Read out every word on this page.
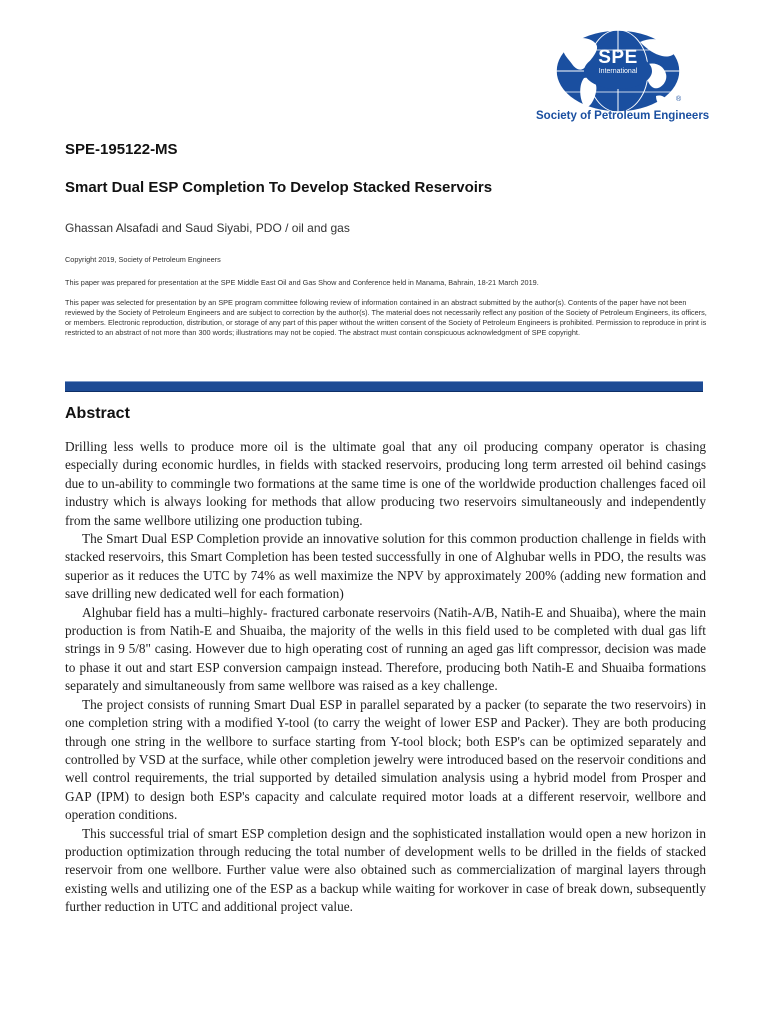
SPE
International
®
Society of Petroleum Engineers
SPE-195122-MS
Smart Dual ESP Completion To Develop Stacked Reservoirs
Ghassan Alsafadi and Saud Siyabi, PDO / oil and gas
Copyright 2019, Society of Petroleum Engineers
This paper was prepared for presentation at the SPE Middle East Oil and Gas Show and Conference held in Manama, Bahrain, 18-21 March 2019.
This paper was selected for presentation by an SPE program committee following review of information contained in an abstract submitted by the author(s). Contents of the paper have not been reviewed by the Society of Petroleum Engineers and are subject to correction by the author(s). The material does not necessarily reflect any position of the Society of Petroleum Engineers, its officers, or members. Electronic reproduction, distribution, or storage of any part of this paper without the written consent of the Society of Petroleum Engineers is prohibited. Permission to reproduce in print is restricted to an abstract of not more than 300 words; illustrations may not be copied. The abstract must contain conspicuous acknowledgment of SPE copyright.
Abstract

Drilling less wells to produce more oil is the ultimate goal that any oil producing company operator is chasing especially during economic hurdles, in fields with stacked reservoirs, producing long term arrested oil behind casings due to un-ability to commingle two formations at the same time is one of the worldwide production challenges faced oil industry which is always looking for methods that allow producing two reservoirs simultaneously and independently from the same wellbore utilizing one production tubing.

The Smart Dual ESP Completion provide an innovative solution for this common production challenge in fields with stacked reservoirs, this Smart Completion has been tested successfully in one of Alghubar wells in PDO, the results was superior as it reduces the UTC by 74% as well maximize the NPV by approximately 200% (adding new formation and save drilling new dedicated well for each formation)

Alghubar field has a multi–highly- fractured carbonate reservoirs (Natih-A/B, Natih-E and Shuaiba), where the main production is from Natih-E and Shuaiba, the majority of the wells in this field used to be completed with dual gas lift strings in 9 5/8" casing. However due to high operating cost of running an aged gas lift compressor, decision was made to phase it out and start ESP conversion campaign instead. Therefore, producing both Natih-E and Shuaiba formations separately and simultaneously from same wellbore was raised as a key challenge.

The project consists of running Smart Dual ESP in parallel separated by a packer (to separate the two reservoirs) in one completion string with a modified Y-tool (to carry the weight of lower ESP and Packer). They are both producing through one string in the wellbore to surface starting from Y-tool block; both ESP's can be optimized separately and controlled by VSD at the surface, while other completion jewelry were introduced based on the reservoir conditions and well control requirements, the trial supported by detailed simulation analysis using a hybrid model from Prosper and GAP (IPM) to design both ESP's capacity and calculate required motor loads at a different reservoir, wellbore and operation conditions.

This successful trial of smart ESP completion design and the sophisticated installation would open a new horizon in production optimization through reducing the total number of development wells to be drilled in the fields of stacked reservoir from one wellbore. Further value were also obtained such as commercialization of marginal layers through existing wells and utilizing one of the ESP as a backup while waiting for workover in case of break down, subsequently further reduction in UTC and additional project value.
